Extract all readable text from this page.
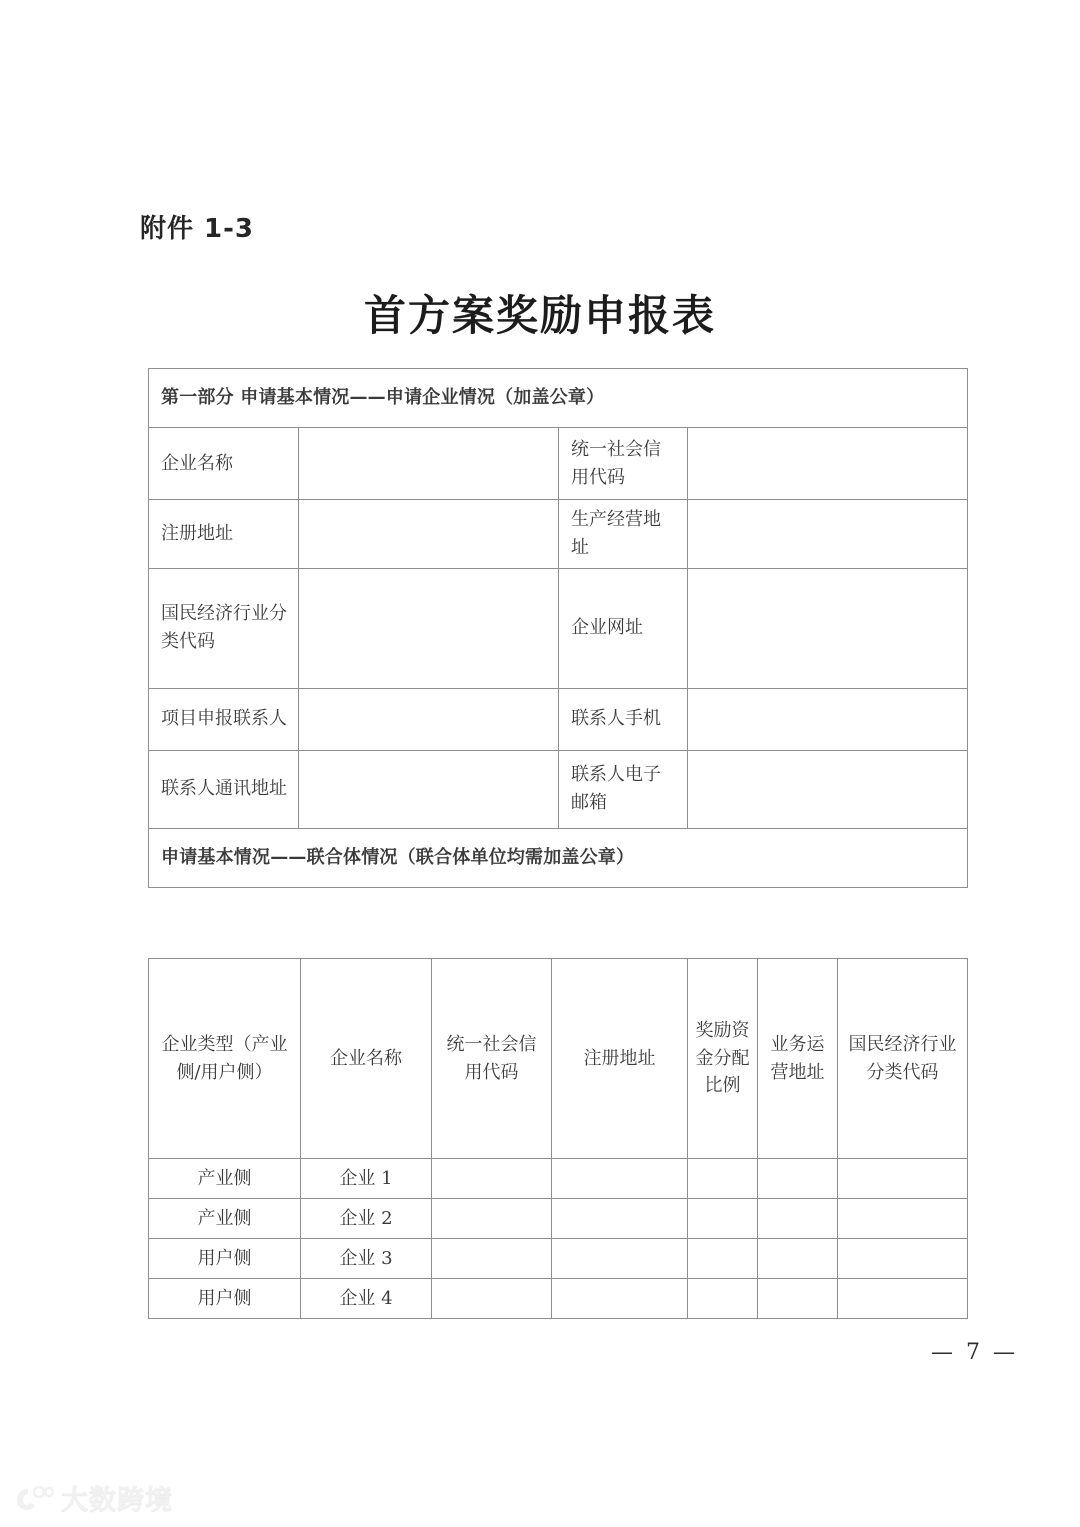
附件 1-3
首方案奖励申报表
第一部分 申请基本情况——申请企业情况（加盖公章）			
企业名称		统一社会信用代码	
注册地址		生产经营地址	
国民经济行业分类代码		企业网址	
项目申报联系人		联系人手机	
联系人通讯地址		联系人电子邮箱	
申请基本情况——联合体情况（联合体单位均需加盖公章）			
企业类型（产业侧/用户侧）	企业名称	统一社会信用代码	注册地址	奖励资金分配比例	业务运营地址	国民经济行业分类代码
产业侧	企业 1					
产业侧	企业 2					
用户侧	企业 3					
用户侧	企业 4					
— 7 —
大数跨境
